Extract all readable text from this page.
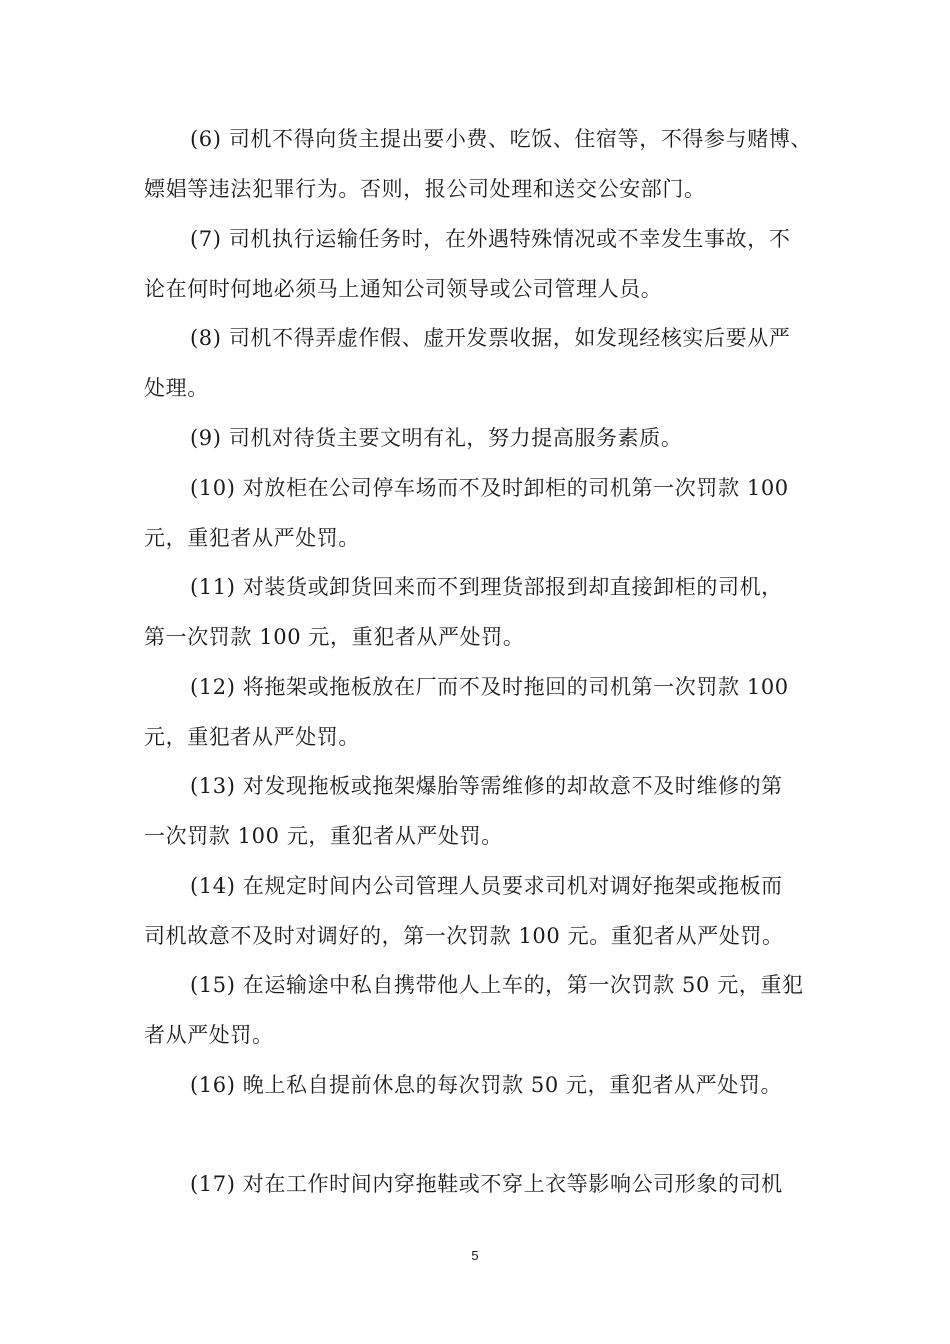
(6) 司机不得向货主提出要小费、吃饭、住宿等，不得参与赌博、
嫖娼等违法犯罪行为。否则，报公司处理和送交公安部门。
(7) 司机执行运输任务时，在外遇特殊情况或不幸发生事故，不
论在何时何地必须马上通知公司领导或公司管理人员。
(8) 司机不得弄虚作假、虚开发票收据，如发现经核实后要从严
处理。
(9) 司机对待货主要文明有礼，努力提高服务素质。
(10) 对放柜在公司停车场而不及时卸柜的司机第一次罚款 100
元，重犯者从严处罚。
(11) 对装货或卸货回来而不到理货部报到却直接卸柜的司机，
第一次罚款 100 元，重犯者从严处罚。
(12) 将拖架或拖板放在厂而不及时拖回的司机第一次罚款 100
元，重犯者从严处罚。
(13) 对发现拖板或拖架爆胎等需维修的却故意不及时维修的第
一次罚款 100 元，重犯者从严处罚。
(14) 在规定时间内公司管理人员要求司机对调好拖架或拖板而
司机故意不及时对调好的，第一次罚款 100 元。重犯者从严处罚。
(15) 在运输途中私自携带他人上车的，第一次罚款 50 元，重犯
者从严处罚。
(16) 晚上私自提前休息的每次罚款 50 元，重犯者从严处罚。
(17) 对在工作时间内穿拖鞋或不穿上衣等影响公司形象的司机
5
